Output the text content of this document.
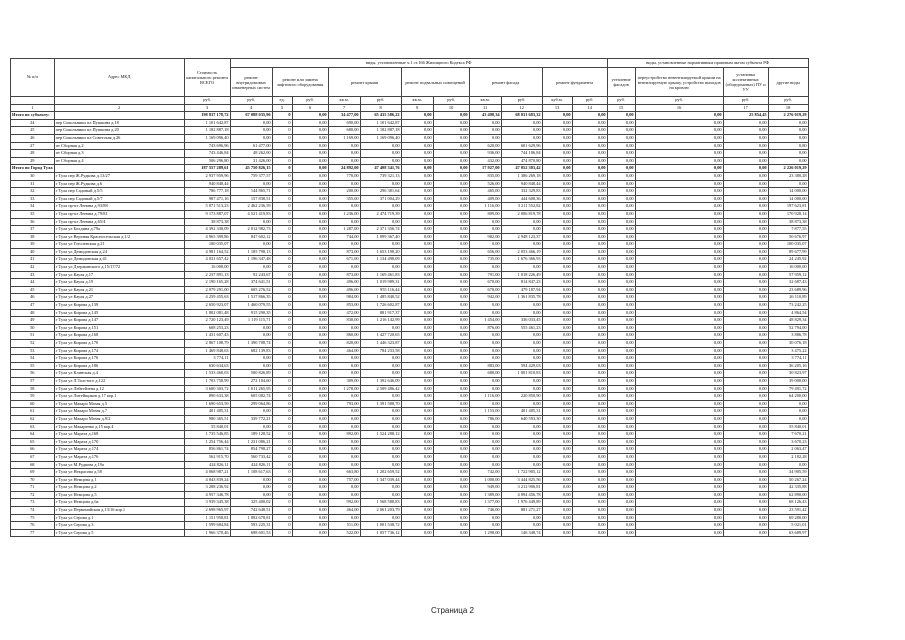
№ п/п	Адрес МКД	Стоимость капитального ремонта ВСЕГО	виды, установленные ч.1 ст.166 Жилищного Кодекса РФ											виды, установленные нормативным правовым актом субъекта РФ			
			ремонт внутридомовых инженерных систем	ремонт или замена лифтового оборудования		ремонт крыши		ремонт подвальных помещений		ремонт фасада		ремонт фундамента		утепление фасадов	переустройство невентилируемой крыши на вентилируемую крышу, устройство выходов на кровлю	установка коллективных (общедомовых) ПУ и УУ	другие виды
		руб.	руб.	ед.	руб.	кв.м.	руб.	кв.м.	руб.	кв.м.	руб.	куб.м.	руб.	руб.	руб.	руб.	руб.
1	2	3	4	5	6	7	8	9	10	11	12	13	14	15	16	17	18
Итого по субъекту:		198 837 178,72	67 088 035,96	0	0,00	34 477,00	65 435 586,22	0,00	0,00	43 498,34	68 031 683,32	0,00	0,00	0,00	0,00	25 854,45	2 276 019,29
24	пер Сокольники пл Пушкина д.18	1 101 642,87	0,00	0	0,00	690,00	1 101 642,87	0,00	0,00	0,00	0,00	0,00	0,00	0,00	0,00	0,00	0,00
25	пер Сокольники пл Пушкина д.20	1 182 887,18	0,00	0	0,00	680,00	1 182 887,18	0,00	0,00	0,00	0,00	0,00	0,00	0,00	0,00	0,00	0,00
26	пер Сокольники пл Советская д.26	1 169 096,40	0,00	0	0,00	1 169,00	1 169 096,40	0,00	0,00	0,00	0,00	0,00	0,00	0,00	0,00	0,00	0,00
27	пт Сборная д.2	743 696,96	61 477,00	0	0,00	0,00	0,00	0,00	0,00	620,00	681 629,96	0,00	0,00	0,00	0,00	0,00	0,80
28	пт Сборная д.3	743 446,84	48 262,00	0	0,00	0,00	0,00	0,00	0,00	936,00	744 186,84	0,00	0,00	0,00	0,00	0,00	0,00
29	пт Сборная д.4	506 296,80	31 426,00	0	0,00	0,00	0,00	0,00	0,00	432,00	474 870,80	0,00	0,00	0,00	0,00	0,00	0,00
Итого по Город Тула		187 557 289,61	45 750 826,15	0	0,00	24 892,00	47 408 341,76	0,00	0,00	17 927,00	47 052 303,42	0,00	0,00	0,00	0,00	0,00	2 226 019,29
30	г Тула пер Ж.Рудкова д.13/27	2 937 959,96	759 377,57	0	0,00	770,00	739 321,13	0,00	0,00	835,00	1 386 269,18	0,00	0,00	0,00	0,00	0,00	23 380,28
31	г Тула пер Ж.Рудкова д.6	940 848,44	0,00	0	0,00	0,00	0,00	0,00	0,00	526,00	940 848,44	0,00	0,00	0,00	0,00	0,00	0,00
32	г Тула пер Садовый д.5/5	786 777,18	144 865,71	0	0,00	200,00	296 381,64	0,00	0,00	465,00	332 329,83	0,00	0,00	0,00	0,00	0,00	14 000,00
33	г Тула пер Садовый д.5/7	987 471,16	157 838,51	0	0,00	355,00	371 004,29	0,00	0,00	409,00	444 608,36	0,00	0,00	0,00	0,00	0,00	14 000,00
34	г Тула пр-кт Ленина д.93/88	5 871 513,23	2 462 236,59	0	0,00	0,00	0,00	0,00	0,00	1 116,00	3 211 552,82	0,00	0,00	0,00	0,00	0,00	197 623,81
35	г Тула пр-кт Ленина д.79/81	9 173 887,07	4 521 419,83	0	0,00	1 236,00	2 474 719,39	0,00	0,00	809,00	2 006 819,78	0,00	0,00	0,00	0,00	0,00	170 928,14
36	г Тула пр-кт Ленина д.65/4	38 873,38	0,00	0	0,00	0,00	0,00	0,00	0,00	0,00	0,00	0,00	0,00	0,00	0,00	0,00	38 873,38
37	г Тула ул Болдина д.79а	4 392 338,09	2 012 982,73	0	0,00	1 287,00	2 371 356,74	0,00	0,00	0,00	0,00	0,00	0,00	0,00	0,00	0,00	7 877,55
38	г Тула ул Верхняя Красносельская д.1/2	4 965 399,86	847 602,12	0	0,00	744,00	1 099 367,40	0,00	0,00	982,00	2 948 123,37	0,00	0,00	0,00	0,00	0,00	50 676,97
39	г Тула ул Гоголевская д.21	100 035,07	0,00	0	0,00	0,00	0,00	0,00	0,00	0,00	0,00	0,00	0,00	0,00	0,00	0,00	100 035,07
40	г Тула ул Демидовская д.24	4 981 164,52	1 185 798,13	0	0,00	873,00	1 653 198,20	0,00	0,00	656,00	2 053 466,19	0,00	0,00	0,00	0,00	0,00	89 677,99
41	г Тула ул Демидовская д.41	4 031 657,42	1 196 347,48	0	0,00	671,00	1 134 498,09	0,00	0,00	735,00	1 676 366,93	0,00	0,00	0,00	0,00	0,00	24 245,92
42	г Тула ул Дзержинского д.15/17/72	16 000,00	0,00	0	0,00	0,00	0,00	0,00	0,00	0,00	0,00	0,00	0,00	0,00	0,00	0,00	16 000,00
43	г Тула ул Кауля д.17	2 237 891,13	92 243,67	0	0,00	873,00	1 169 461,83	0,00	0,00	791,00	1 018 226,49	0,00	0,00	0,00	0,00	0,00	57 959,12
44	г Тула ул Кауля д.19	2 190 165,28	374 641,51	0	0,00	496,00	1 019 989,31	0,00	0,00	670,00	814 847,23	0,00	0,00	0,00	0,00	0,00	32 687,43
45	г Тула ул Кауля д.21	2 079 291,00	605 276,52	0	0,00	496,00	955 116,44	0,00	0,00	670,00	479 187,94	0,00	0,00	0,00	0,00	0,00	23 689,96
46	г Тула ул Кауля д.27	4 259 455,63	1 517 866,35	0	0,00	984,00	1 485 840,52	0,00	0,00	942,00	1 361 835,78	0,00	0,00	0,00	0,00	0,00	26 110,89
47	г Тула ул Кирова д.139	2 650 923,07	1 460 079,55	0	0,00	853,00	1 726 602,87	0,00	0,00	0,00	0,00	0,00	0,00	0,00	0,00	0,00	73 242,25
48	г Тула ул Кирова д.145	1 802 081,48	915 290,35	0	0,00	472,00	881 917,37	0,00	0,00	0,00	0,00	0,00	0,00	0,00	0,00	0,00	4 864,54
49	г Тула ул Кирова д.147	2 720 123,49	1 119 115,71	0	0,00	830,00	1 216 142,99	0,00	0,00	1 454,00	336 033,45	0,00	0,00	0,00	0,00	0,00	48 829,34
50	г Тула ул Кирова д.151	608 253,23	0,00	0	0,00	0,00	0,00	0,00	0,00	876,00	555 461,23	0,00	0,00	0,00	0,00	0,00	52 794,00
51	г Тула ул Кирова д.168	1 431 607,43	0,00	0	0,00	860,00	1 427 720,65	0,00	0,00	0,00	0,00	0,00	0,00	0,00	0,00	0,00	3 886,78
52	г Тула ул Кирова д.170	2 867 108,79	1 390 708,74	0	0,00	820,00	1 446 323,87	0,00	0,00	0,00	0,00	0,00	0,00	0,00	0,00	0,00	30 076,18
53	г Тула ул Кирова д.174	1 469 848,63	682 139,83	0	0,00	464,00	784 233,58	0,00	0,00	0,00	0,00	0,00	0,00	0,00	0,00	0,00	3 475,22
54	г Тула ул Кирова д.176	3 774,11	0,00	0	0,00	0,00	0,00	0,00	0,00	0,00	0,00	0,00	0,00	0,00	0,00	0,00	3 774,11
55	г Тула ул Кирова д.186	630 634,63	0,00	0	0,00	0,00	0,00	0,00	0,00	883,00	594 429,03	0,00	0,00	0,00	0,00	0,00	36 205,16
56	г Тула ул Клинская д.4	1 533 460,03	500 826,89	0	0,00	0,00	0,00	0,00	0,00	688,00	1 001 810,83	0,00	0,00	0,00	0,00	0,00	30 823,97
57	г Тула ул Л.Толстого д.122	1 703 758,99	272 104,60	0	0,00	309,00	1 392 646,09	0,00	0,00	0,00	0,00	0,00	0,00	0,00	0,00	0,00	39 000,00
58	г Тула ул Лейтейзена д.12	3 600 303,72	1 011 265,95	0	0,00	1 278,00	2 509 486,42	0,00	0,00	0,00	0,00	0,00	0,00	0,00	0,00	0,00	79 491,72
59	г Тула ул Литейщиков д.17 кор.1	890 633,38	605 082,74	0	0,00	0,00	0,00	0,00	0,00	1 116,00	220 850,90	0,00	0,00	0,00	0,00	0,00	64 200,00
60	г Тула ул Макаро Мазая д.5	1 690 653,59	299 064,86	0	0,00	793,00	1 391 588,70	0,00	0,00	0,00	0,00	0,00	0,00	0,00	0,00	0,00	0,00
61	г Тула ул Макаро Мазая д.7	401 485,31	0,00	0	0,00	0,00	0,00	0,00	0,00	1 153,00	401 485,31	0,00	0,00	0,00	0,00	0,00	0,00
62	г Тула ул Макаро Мазая д.9/2	980 365,51	339 772,21	0	0,00	0,00	0,00	0,00	0,00	786,00	640 593,30	0,00	0,00	0,00	0,00	0,00	0,00
63	г Тула ул Макаренко д.15 кор.4	55 840,01	0,00	0	0,00	0,00	0,00	0,00	0,00	0,00	0,00	0,00	0,00	0,00	0,00	0,00	55 840,01
64	г Тула ул Марата д.168	1 735 546,85	189 128,52	0	0,00	892,00	1 524 288,12	0,00	0,00	0,00	0,00	0,00	0,00	0,00	0,00	0,00	7 670,21
65	г Тула ул Марата д.170	1 254 756,44	1 231 086,21	0	0,00	0,00	0,00	0,00	0,00	0,00	0,00	0,00	0,00	0,00	0,00	0,00	3 670,23
66	г Тула ул Марата д.174	856 861,74	854 798,27	0	0,00	0,00	0,00	0,00	0,00	0,00	0,00	0,00	0,00	0,00	0,00	0,00	2 063,47
67	г Тула ул Марата д.176	562 915,70	560 733,42	0	0,00	0,00	0,00	0,00	0,00	0,00	0,00	0,00	0,00	0,00	0,00	0,00	2 182,28
68	г Тула ул М.Рудкова д.19а	424 826,11	424 826,11	0	0,00	0,00	0,00	0,00	0,00	0,00	0,00	0,00	0,00	0,00	0,00	0,00	0,00
69	г Тула ул Некрасова д.58	4 068 987,21	1 108 617,63	0	0,00	663,80	1 202 659,52	0,00	0,00	742,00	1 722 905,12	0,00	0,00	0,00	0,00	0,00	34 905,59
70	г Тула ул Немцова д.1	4 843 839,24	0,00	0	0,00	757,00	1 347 039,44	0,00	0,00	1 000,00	3 444 825,56	0,00	0,00	0,00	0,00	0,00	50 267,24
71	г Тула ул Немцова д.2	3 288 236,92	0,00	0	0,00	0,00	0,00	0,00	0,00	949,00	3 212 906,81	0,00	0,00	0,00	0,00	0,00	42 335,88
72	г Тула ул Немцова д.5	4 957 346,78	0,00	0	0,00	0,00	0,00	0,00	0,00	1 389,00	4 894 456,78	0,00	0,00	0,00	0,00	0,00	62 890,00
73	г Тула ул Немцова д.6а	3 939 345,38	325 400,02	0	0,00	992,00	1 568 588,83	0,00	0,00	1 377,00	1 976 449,89	0,00	0,00	0,00	0,00	0,00	68 126,43
74	г Тула ул Первомайская д.13/16 кор.1	2 698 965,97	742 648,51	0	0,00	464,00	2 061 203,79	0,00	0,00	746,00	881 271,27	0,00	0,00	0,00	0,00	0,00	23 591,42
75	г Тула ул Серова д.1	1 151 958,81	1 082 678,81	0	0,00	0,00	0,00	0,00	0,00	0,00	0,00	0,00	0,00	0,00	0,00	0,00	69 280,00
76	г Тула ул Серова д.3	1 599 684,84	593 225,31	0	0,00	511,00	1 001 538,72	0,00	0,00	0,00	0,00	0,00	0,00	0,00	0,00	0,00	5 021,01
77	г Тула ул Серова д.5	1 966 370,46	698 601,53	0	0,00	522,00	1 057 736,12	0,00	0,00	1 298,00	146 348,74	0,00	0,00	0,00	0,00	0,00	63 689,97
Страница 2
